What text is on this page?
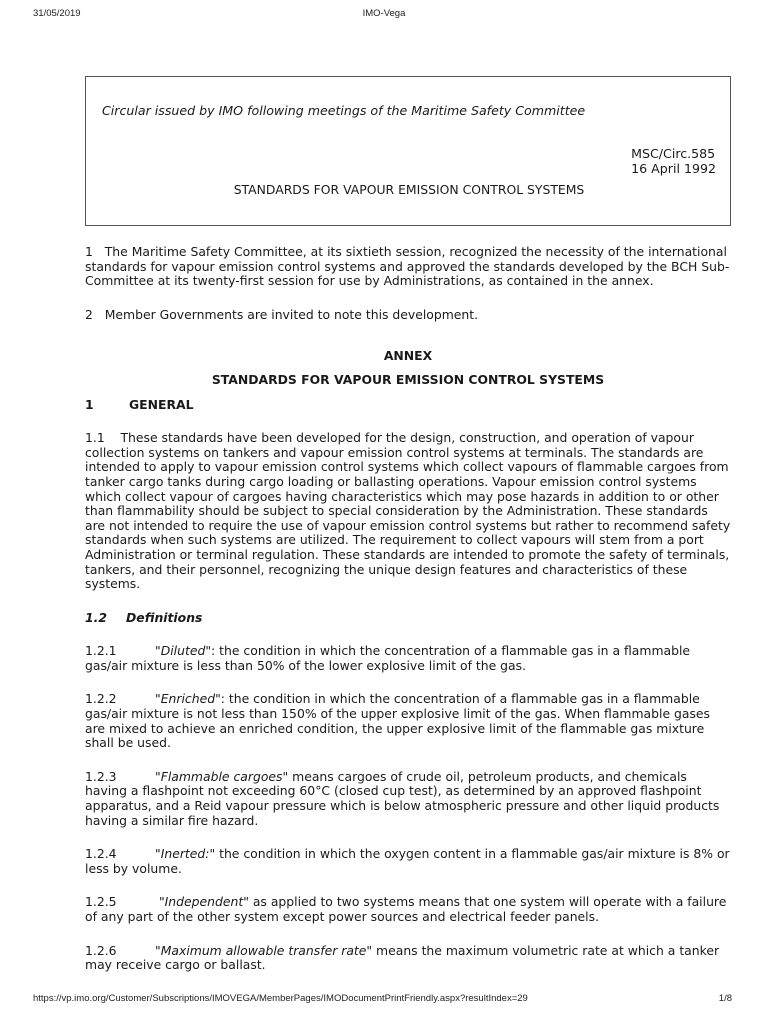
31/05/2019	IMO-Vega
Circular issued by IMO following meetings of the Maritime Safety Committee
MSC/Circ.585
16 April 1992
STANDARDS FOR VAPOUR EMISSION CONTROL SYSTEMS

1 The Maritime Safety Committee, at its sixtieth session, recognized the necessity of the international standards for vapour emission control systems and approved the standards developed by the BCH Sub-Committee at its twenty-first session for use by Administrations, as contained in the annex.

2 Member Governments are invited to note this development.

ANNEX
STANDARDS FOR VAPOUR EMISSION CONTROL SYSTEMS
1	GENERAL

1.1 These standards have been developed for the design, construction, and operation of vapour collection systems on tankers and vapour emission control systems at terminals. The standards are intended to apply to vapour emission control systems which collect vapours of flammable cargoes from tanker cargo tanks during cargo loading or ballasting operations. Vapour emission control systems which collect vapour of cargoes having characteristics which may pose hazards in addition to or other than flammability should be subject to special consideration by the Administration. These standards are not intended to require the use of vapour emission control systems but rather to recommend safety standards when such systems are utilized. The requirement to collect vapours will stem from a port Administration or terminal regulation. These standards are intended to promote the safety of terminals, tankers, and their personnel, recognizing the unique design features and characteristics of these systems.

1.2 Definitions

1.2.1	"Diluted": the condition in which the concentration of a flammable gas in a flammable gas/air mixture is less than 50% of the lower explosive limit of the gas.

1.2.2	"Enriched": the condition in which the concentration of a flammable gas in a flammable gas/air mixture is not less than 150% of the upper explosive limit of the gas. When flammable gases are mixed to achieve an enriched condition, the upper explosive limit of the flammable gas mixture shall be used.

1.2.3	"Flammable cargoes" means cargoes of crude oil, petroleum products, and chemicals having a flashpoint not exceeding 60°C (closed cup test), as determined by an approved flashpoint apparatus, and a Reid vapour pressure which is below atmospheric pressure and other liquid products having a similar fire hazard.

1.2.4	"Inerted:" the condition in which the oxygen content in a flammable gas/air mixture is 8% or less by volume.

1.2.5	"Independent" as applied to two systems means that one system will operate with a failure of any part of the other system except power sources and electrical feeder panels.

1.2.6	"Maximum allowable transfer rate" means the maximum volumetric rate at which a tanker may receive cargo or ballast.

https://vp.imo.org/Customer/Subscriptions/IMOVEGA/MemberPages/IMODocumentPrintFriendly.aspx?resultIndex=29	1/8
